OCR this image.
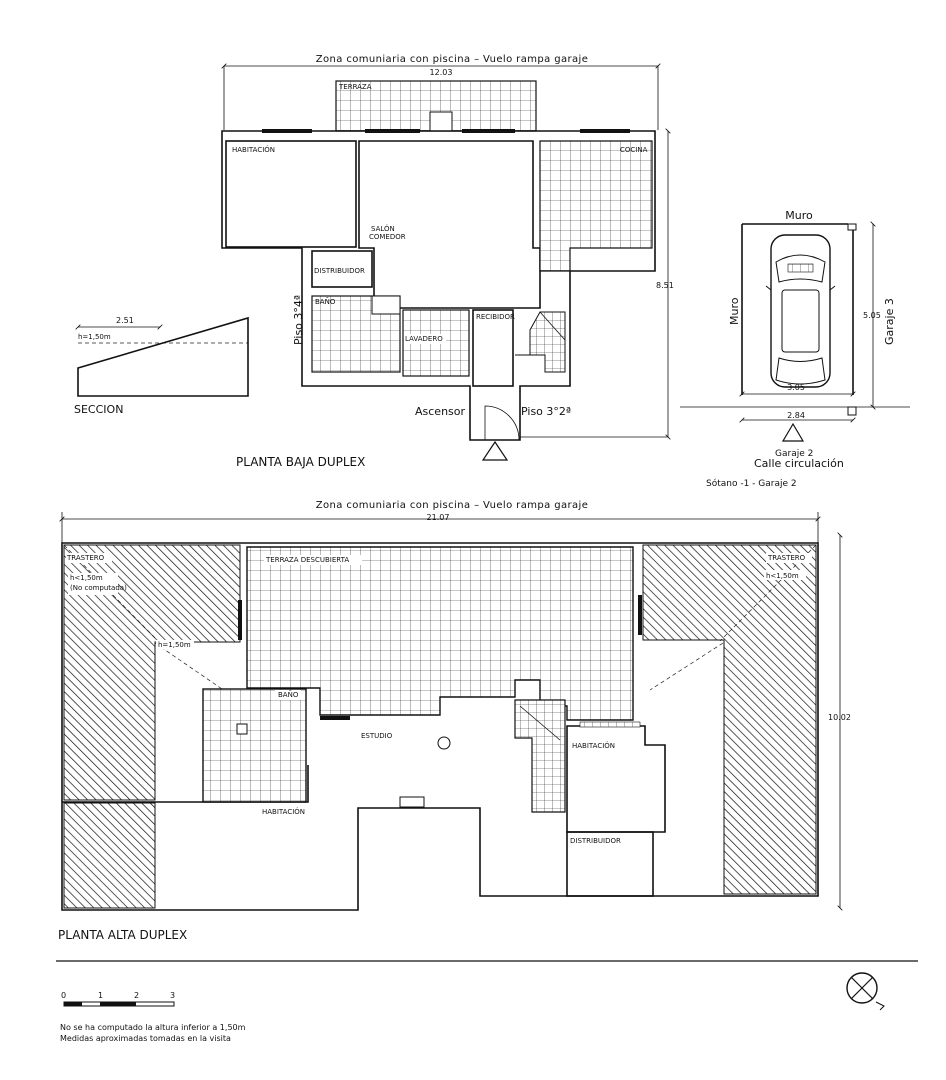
Zona comuniaria con piscina – Vuelo rampa garaje
12.03
TERRAZA
HABITACIÓN
SALÓN
COMEDOR
COCINA
DISTRIBUIDOR
BAÑO
LAVADERO
RECIBIDOR
Piso 3°4ª
Ascensor	Piso 3°2ª
8.51
PLANTA BAJA DUPLEX
2.51
h=1,50m
SECCION
Muro
Muro
3.05
5.05 Garaje 3
2.84
Garaje 2
Calle circulación
Sótano -1 - Garaje 2
Zona comuniaria con piscina – Vuelo rampa garaje
21.07
10.02
TRASTERO
h<1,50m
(No computada)
h=1,50m
TRASTERO
h<1,50m
TERRAZA DESCUBIERTA
BAÑO
HABITACIÓN
ESTUDIO
HABITACIÓN
DISTRIBUIDOR
PLANTA ALTA DUPLEX
0	1	2	3
No se ha computado la altura inferior a 1,50m
Medidas aproximadas tomadas en la visita
